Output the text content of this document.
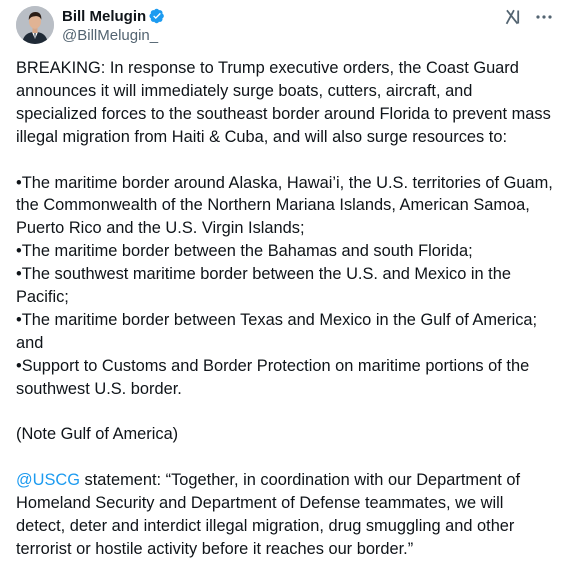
Bill Melugin
@BillMelugin_

BREAKING: In response to Trump executive orders, the Coast Guard announces it will immediately surge boats, cutters, aircraft, and specialized forces to the southeast border around Florida to prevent mass illegal migration from Haiti & Cuba, and will also surge resources to:

•The maritime border around Alaska, Hawai’i, the U.S. territories of Guam, the Commonwealth of the Northern Mariana Islands, American Samoa, Puerto Rico and the U.S. Virgin Islands;

•The maritime border between the Bahamas and south Florida;

•The southwest maritime border between the U.S. and Mexico in the Pacific;

•The maritime border between Texas and Mexico in the Gulf of America; and

•Support to Customs and Border Protection on maritime portions of the southwest U.S. border.

(Note Gulf of America)

@USCG statement: “Together, in coordination with our Department of Homeland Security and Department of Defense teammates, we will detect, deter and interdict illegal migration, drug smuggling and other terrorist or hostile activity before it reaches our border.”
